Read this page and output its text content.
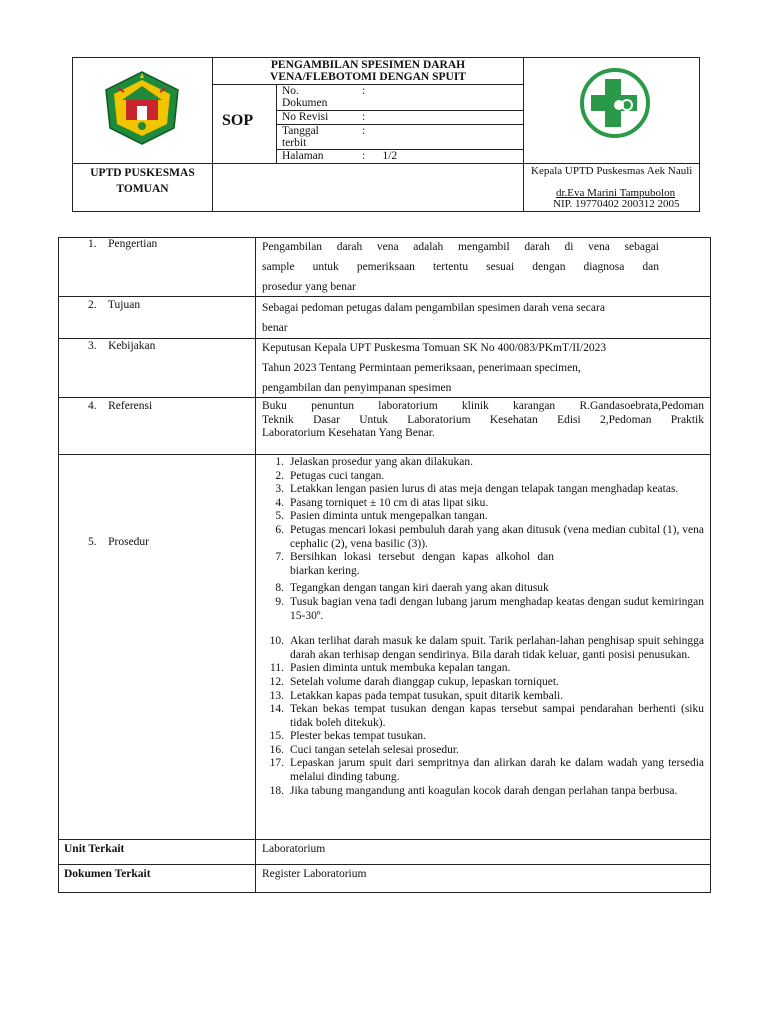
PENGAMBILAN SPESIMEN DARAH
VENA/FLEBOTOMI DENGAN SPUIT
SOP
No.
Dokumen
:
No Revisi	:
Tanggal
terbit
:
Halaman	:      1/2
UPTD PUSKESMAS
TOMUAN
Kepala UPTD Puskesmas Aek Nauli
dr.Eva Marini Tampubolon
NIP. 19770402 200312 2005
1.    Pengertian	Pengambilan darah vena adalah mengambil darah di vena sebagai
sample untuk pemeriksaan tertentu sesuai dengan diagnosa dan
prosedur yang benar
2.    Tujuan	Sebagai pedoman petugas dalam pengambilan spesimen darah vena secara
benar
3.    Kebijakan	Keputusan Kepala UPT Puskesma Tomuan SK No 400/083/PKmT/II/2023
Tahun 2023 Tentang Permintaan pemeriksaan, penerimaan specimen,
pengambilan dan penyimpanan spesimen
4.    Referensi	Buku penuntun laboratorium klinik karangan R.Gandasoebrata,Pedoman
Teknik Dasar Untuk Laboratorium Kesehatan Edisi 2,Pedoman Praktik
Laboratorium Kesehatan Yang Benar.
5.    Prosedur
1. Jelaskan prosedur yang akan dilakukan.
2. Petugas cuci tangan.
3. Letakkan lengan pasien lurus di atas meja dengan telapak tangan menghadap keatas.
4. Pasang torniquet ± 10 cm di atas lipat siku.
5. Pasien diminta untuk mengepalkan tangan.
6. Petugas mencari lokasi pembuluh darah yang akan ditusuk (vena median cubital (1), vena cephalic (2), vena basilic (3)).
7. Bersihkan lokasi tersebut dengan kapas alkohol dan biarkan kering.
8. Tegangkan dengan tangan kiri daerah yang akan ditusuk
9. Tusuk bagian vena tadi dengan lubang jarum menghadap keatas dengan sudut kemiringan 15-30º.
10. Akan terlihat darah masuk ke dalam spuit. Tarik perlahan-lahan penghisap spuit sehingga darah akan terhisap dengan sendirinya. Bila darah tidak keluar, ganti posisi penusukan.
11. Pasien diminta untuk membuka kepalan tangan.
12. Setelah volume darah dianggap cukup, lepaskan torniquet.
13. Letakkan kapas pada tempat tusukan, spuit ditarik kembali.
14. Tekan bekas tempat tusukan dengan kapas tersebut sampai pendarahan berhenti (siku tidak boleh ditekuk).
15. Plester bekas tempat tusukan.
16. Cuci tangan setelah selesai prosedur.
17. Lepaskan jarum spuit dari sempritnya dan alirkan darah ke dalam wadah yang tersedia melalui dinding tabung.
18. Jika tabung mangandung anti koagulan kocok darah dengan perlahan tanpa berbusa.
Unit Terkait	Laboratorium
Dokumen Terkait	Register Laboratorium
